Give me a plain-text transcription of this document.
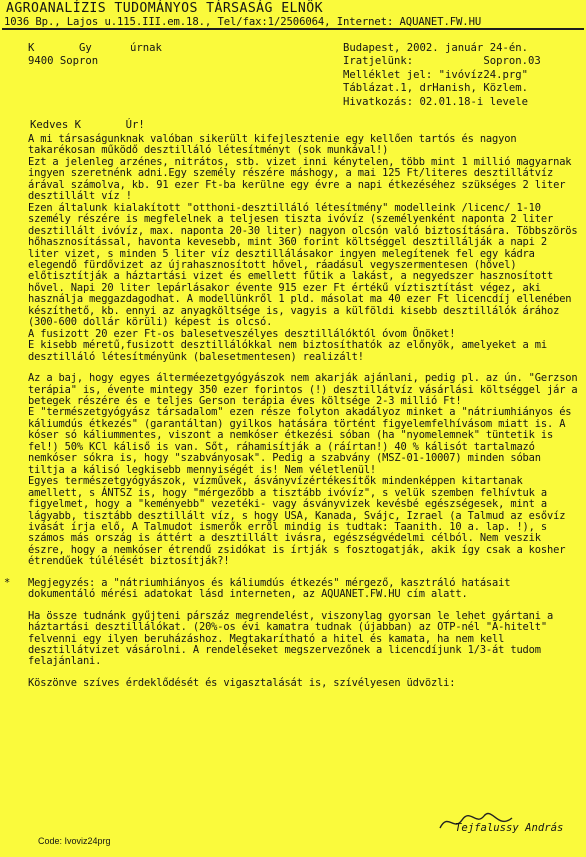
AGROANALÍZIS TUDOMÁNYOS TÁRSASÁG ELNÖK
1036 Bp., Lajos u.115.III.em.18., Tel/fax:1/2506064, Internet: AQUANET.FW.HU
K       Gy      úrnak
9400 Sopron
Budapest, 2002. január 24-én.
Iratjelünk:           Sopron.03
Melléklet jel: "ivóvíz24.prg"
Táblázat.1, drHanish, Közlem.
Hivatkozás: 02.01.18-i levele
Kedves K       Úr!

A mi társaságunknak valóban sikerült kifejlesztenie egy kellően tartós és nagyon takarékosan működő desztilláló létesítményt (sok munkával!)
Ezt a jelenleg arzénes, nitrátos, stb. vizet inni kénytelen, több mint 1 millió magyarnak ingyen szeretnénk adni.Egy személy részére máshogy, a mai 125 Ft/literes desztillátvíz árával számolva, kb. 91 ezer Ft-ba kerülne egy évre a napi étkezéséhez szükséges 2 liter desztillált víz !
Ezen általunk kialakított "otthoni-desztilláló létesítmény" modelleink /licenc/ 1-10 személy részére is megfelelnek a teljesen tiszta ivóvíz (személyenként naponta 2 liter desztillált ivóvíz, max. naponta 20-30 liter) nagyon olcsón való biztosítására. Többszörös hőhasznosítással, havonta kevesebb, mint 360 forint költséggel desztillálják a napi 2 liter vizet, s minden 5 liter víz desztillálásakor ingyen melegítenek fel egy kádra elegendő fürdővizet az újrahasznosított hővel, ráadásul vegyszermentesen (hővel) előtisztítják a háztartási vizet és emellett fűtik a lakást, a negyedszer hasznosított hővel. Napi 20 liter lepárlásakor évente 915 ezer Ft értékű víztisztítást végez, aki használja meggazdagodhat. A modellünkről 1 pld. másolat ma 40 ezer Ft licencdíj ellenében készíthető, kb. ennyi az anyagköltsége is, vagyis a külföldi kisebb desztillálók árához (300-600 dollár körüli) képest is olcsó.
A fusizott 20 ezer Ft-os balesetveszélyes desztillálóktól óvom Önöket!
E kisebb méretű,fusizott desztillálókkal nem biztosíthatók az előnyök, amelyeket a mi desztilláló létesítményünk (balesetmentesen) realizált!

Az a baj, hogy egyes álterméezetgyógyászok nem akarják ajánlani, pedig pl. az ún. "Gerzson terápia" is, évente mintegy 350 ezer forintos (!) desztillátvíz vásárlási költséggel jár a betegek részére és e teljes Gerson terápia éves költsége 2-3 millió Ft!
E "természetgyógyász társadalom" ezen része folyton akadályoz minket a "nátriumhiányos és káliumdús étkezés" (garantáltan) gyilkos hatására történt figyelemfelhívásom miatt is. A kóser só káliummentes, viszont a nemkóser étkezési sóban (ha "nyomelemnek" tüntetik is fel!) 50% KCl káliső is van. Sőt, ráhamisítják a (ráírtan!) 40 % kálisót tartalmazó nemkóser sókra is, hogy "szabványosak". Pedig a szabvány (MSZ-01-10007) minden sóban tiltja a kálisó legkisebb mennyiségét is! Nem véletlenül!
Egyes természetgyógyászok, vízművek, ásványvízértékesítők mindenképpen kitartanak amellett, s ÁNTSZ is, hogy "mérgezőbb a tisztább ivóvíz", s velük szemben felhívtuk a figyelmet, hogy a "keményebb" vezetéki- vagy ásványvizek kevésbé egészségesek, mint a lágyabb, tisztább desztillált víz, s hogy USA, Kanada, Svájc, Izrael (a Talmud az esővíz ivását írja elő, A Talmudot ismerők erről mindig is tudtak: Taanith. 10 a. lap. !), s számos más ország is áttért a desztillált ivásra, egészségvédelmi célból. Nem veszik észre, hogy a nemkóser étrendű zsidókat is írtják s fosztogatják, akik így csak a kosher étrendűek túlélését biztosítják?!

* Megjegyzés: a "nátriumhiányos és káliumdús étkezés" mérgező, kasztráló hatásait dokumentáló mérési adatokat lásd interneten, az AQUANET.FW.HU cím alatt.

Ha össze tudnánk gyűjteni párszáz megrendelést, viszonylag gyorsan le lehet gyártani a háztartási desztillálókat. (20%-os évi kamatra tudnak (újabban) az OTP-nél "A-hitelt" felvenni egy ilyen beruházáshoz. Megtakarítható a hitel és kamata, ha nem kell desztillátvizet vásárolni. A rendeléseket megszervezőnek a licencdíjunk 1/3-át tudom felajánlani.

Köszönve szíves érdeklődését és vigasztalását is, szívélyesen üdvözli:

Tejfalussy András
Code: Ivoviz24prg
